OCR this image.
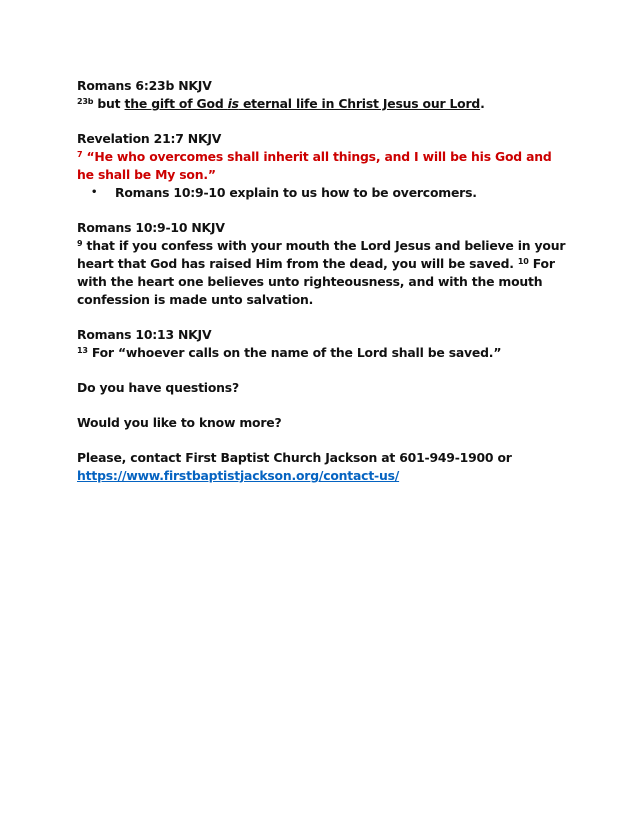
Romans 6:23b NKJV
$^{23b}$ but the gift of God is eternal life in Christ Jesus our Lord.
Revelation 21:7 NKJV
$^7$ “He who overcomes shall inherit all things, and I will be his God and he shall be My son.”
•	Romans 10:9-10 explain to us how to be overcomers.
Romans 10:9-10 NKJV
$^9$ that if you confess with your mouth the Lord Jesus and believe in your heart that God has raised Him from the dead, you will be saved. $^{10}$ For with the heart one believes unto righteousness, and with the mouth confession is made unto salvation.
Romans 10:13 NKJV
$^{13}$ For “whoever calls on the name of the Lord shall be saved.”
Do you have questions?
Would you like to know more?
Please, contact First Baptist Church Jackson at 601-949-1900 or
https://www.firstbaptistjackson.org/contact-us/
